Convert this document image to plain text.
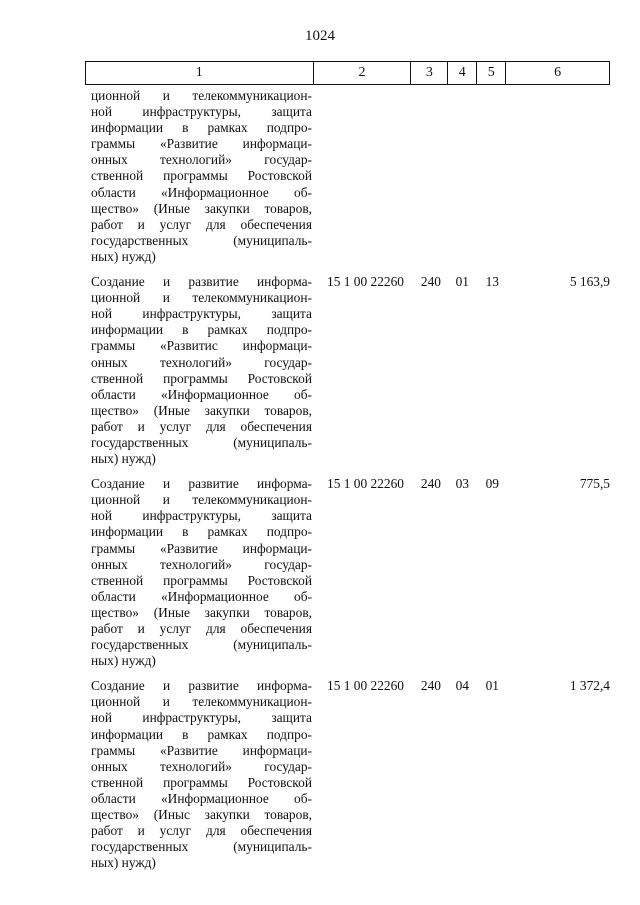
1024
1	2	3	4	5	6
ционной и телекоммуникацион-
ной инфраструктуры, защита
информации в рамках подпро-
граммы «Развитие информаци-
онных технологий» государ-
ственной программы Ростовской
области «Информационное об-
щество» (Иные закупки товаров,
работ и услуг для обеспечения
государственных (муниципаль-
ных) нужд)
Создание и развитие информа-
ционной и телекоммуникацион-
ной инфраструктуры, защита
информации в рамках подпро-
граммы «Развитис информаци-
онных технологий» государ-
ственной программы Ростовской
области «Информационное об-
щество» (Иные закупки товаров,
работ и услуг для обеспечения
государственных (муниципаль-
ных) нужд)
15 1 00 22260	240	01	13	5 163,9
Создание и развитие информа-
ционной и телекоммуникацион-
ной инфраструктуры, защита
информации в рамках подпро-
граммы «Развитие информаци-
онных технологий» государ-
ственной программы Ростовской
области «Информационное об-
щество» (Иные закупки товаров,
работ и услуг для обеспечения
государственных (муниципаль-
ных) нужд)
15 1 00 22260	240	03	09	775,5
Создание и развитие информа-
ционной и телекоммуникацион-
ной инфраструктуры, защита
информации в рамках подпро-
граммы «Развитие информаци-
онных технологий» государ-
ственной программы Ростовской
области «Информационное об-
щество» (Иныс закупки товаров,
работ и услуг для обеспечения
государственных (муниципаль-
ных) нужд)
15 1 00 22260	240	04	01	1 372,4
